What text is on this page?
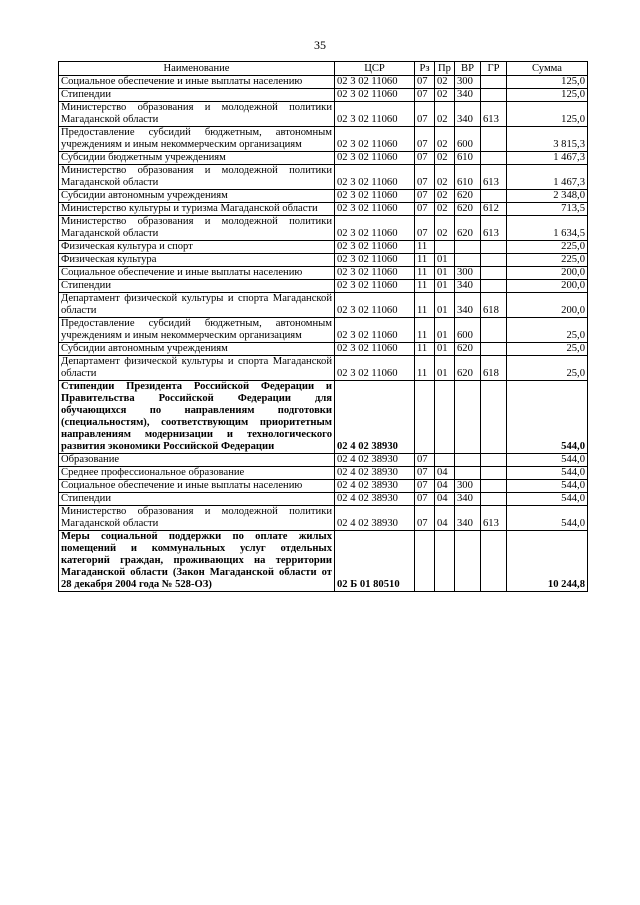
35
Наименование	ЦСР	Рз	Пр	ВР	ГР	Сумма
Социальное обеспечение и иные выплаты населению	02 3 02 11060	07	02	300		125,0
Стипендии	02 3 02 11060	07	02	340		125,0
Министерство образования и молодежной политики Магаданской области	02 3 02 11060	07	02	340	613	125,0
Предоставление субсидий бюджетным, автономным учреждениям и иным некоммерческим организациям	02 3 02 11060	07	02	600		3 815,3
Субсидии бюджетным учреждениям	02 3 02 11060	07	02	610		1 467,3
Министерство образования и молодежной политики Магаданской области	02 3 02 11060	07	02	610	613	1 467,3
Субсидии автономным учреждениям	02 3 02 11060	07	02	620		2 348,0
Министерство культуры и туризма Магаданской области	02 3 02 11060	07	02	620	612	713,5
Министерство образования и молодежной политики Магаданской области	02 3 02 11060	07	02	620	613	1 634,5
Физическая культура и спорт	02 3 02 11060	11				225,0
Физическая культура	02 3 02 11060	11	01			225,0
Социальное обеспечение и иные выплаты населению	02 3 02 11060	11	01	300		200,0
Стипендии	02 3 02 11060	11	01	340		200,0
Департамент физической культуры и спорта Магаданской области	02 3 02 11060	11	01	340	618	200,0
Предоставление субсидий бюджетным, автономным учреждениям и иным некоммерческим организациям	02 3 02 11060	11	01	600		25,0
Субсидии автономным учреждениям	02 3 02 11060	11	01	620		25,0
Департамент физической культуры и спорта Магаданской области	02 3 02 11060	11	01	620	618	25,0
Стипендии Президента Российской Федерации и Правительства Российской Федерации для обучающихся по направлениям подготовки (специальностям), соответствующим приоритетным направлениям модернизации и технологического развития экономики Российской Федерации	02 4 02 38930					544,0
Образование	02 4 02 38930	07				544,0
Среднее профессиональное образование	02 4 02 38930	07	04			544,0
Социальное обеспечение и иные выплаты населению	02 4 02 38930	07	04	300		544,0
Стипендии	02 4 02 38930	07	04	340		544,0
Министерство образования и молодежной политики Магаданской области	02 4 02 38930	07	04	340	613	544,0
Меры социальной поддержки по оплате жилых помещений и коммунальных услуг отдельных категорий граждан, проживающих на территории Магаданской области (Закон Магаданской области от 28 декабря 2004 года № 528-ОЗ)	02 Б 01 80510					10 244,8
